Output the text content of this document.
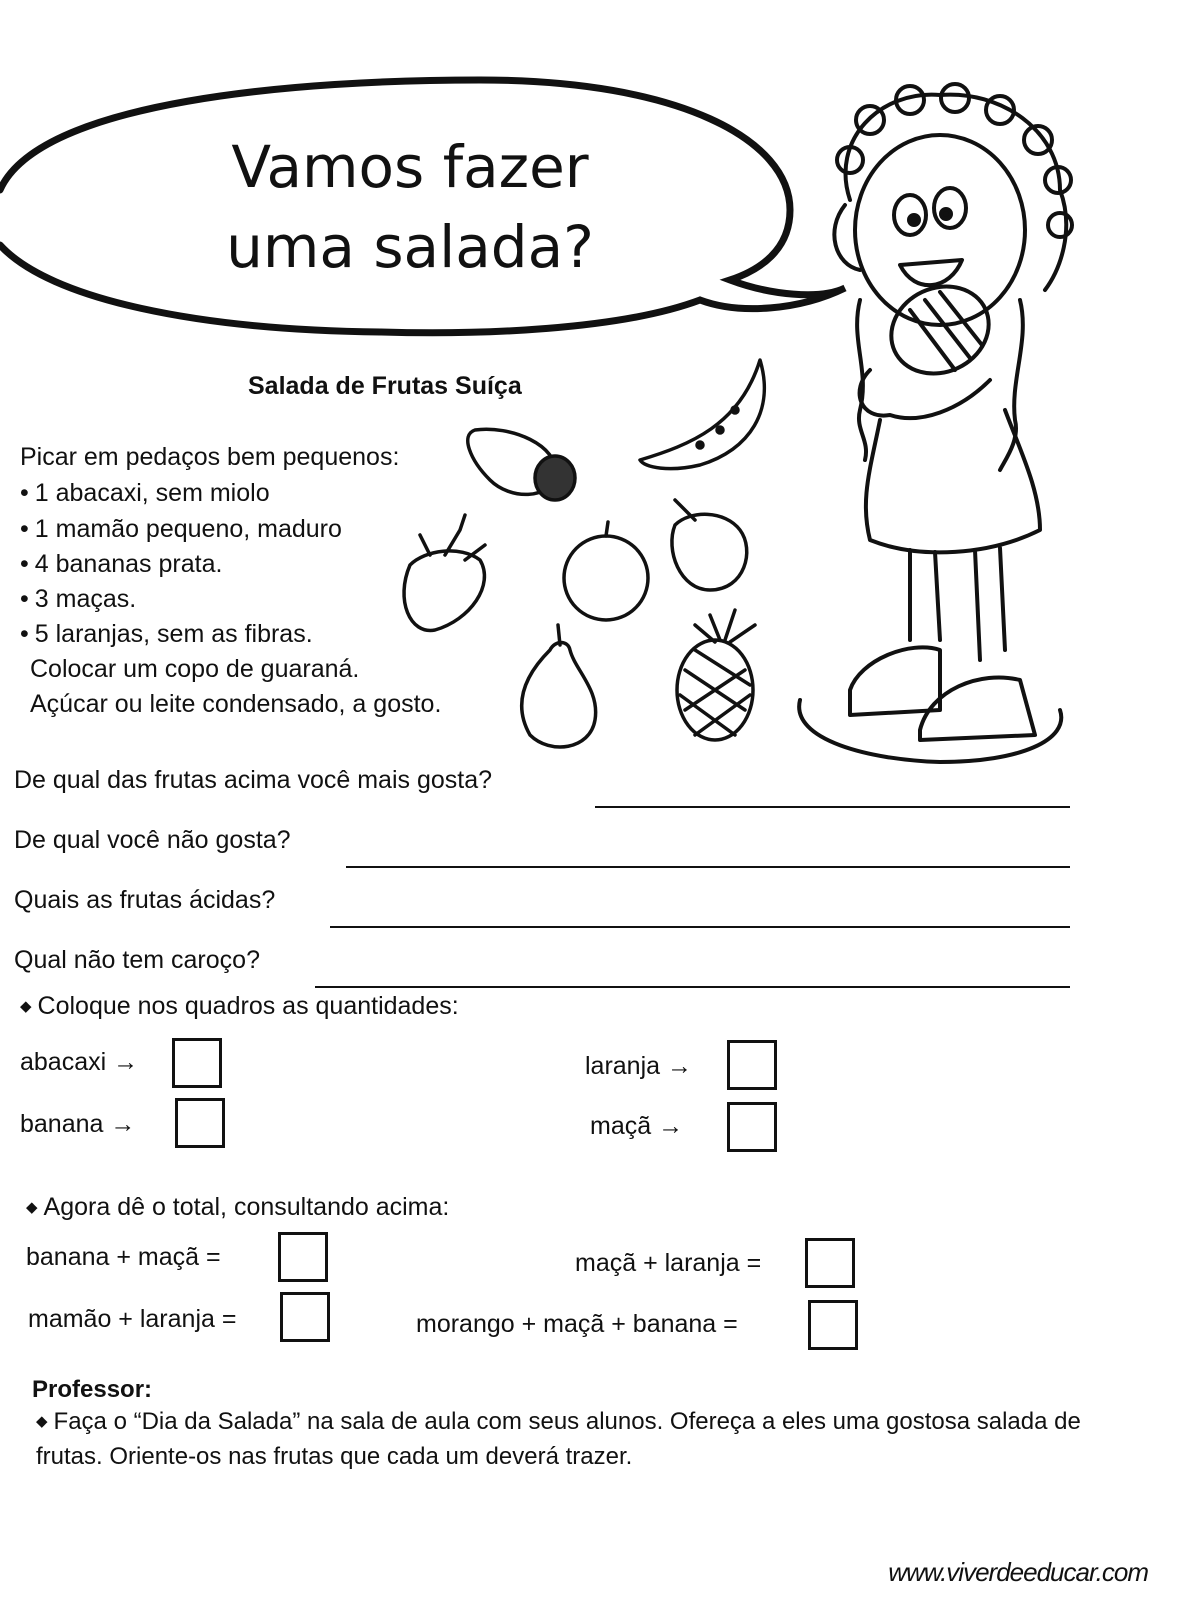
Vamos fazer
uma salada?
Salada de Frutas Suíça
Picar em pedaços bem pequenos:
• 1 abacaxi, sem miolo
• 1 mamão pequeno, maduro
• 4 bananas prata.
• 3 maças.
• 5 laranjas, sem as fibras.
Colocar um copo de guaraná.
Açúcar ou leite condensado, a gosto.
De qual das frutas acima você mais gosta?
De qual você não gosta?
Quais as frutas ácidas?
Qual não tem caroço?
◆ Coloque nos quadros as quantidades:
abacaxi →
banana →
laranja →
maçã →
◆ Agora dê o total, consultando acima:
banana + maçã =
mamão + laranja =
maçã + laranja =
morango + maçã + banana =
Professor:
◆ Faça o “Dia da Salada” na sala de aula com seus alunos. Ofereça a eles uma gostosa salada de frutas. Oriente-os nas frutas que cada um deverá trazer.
www.viverdeeducar.com
